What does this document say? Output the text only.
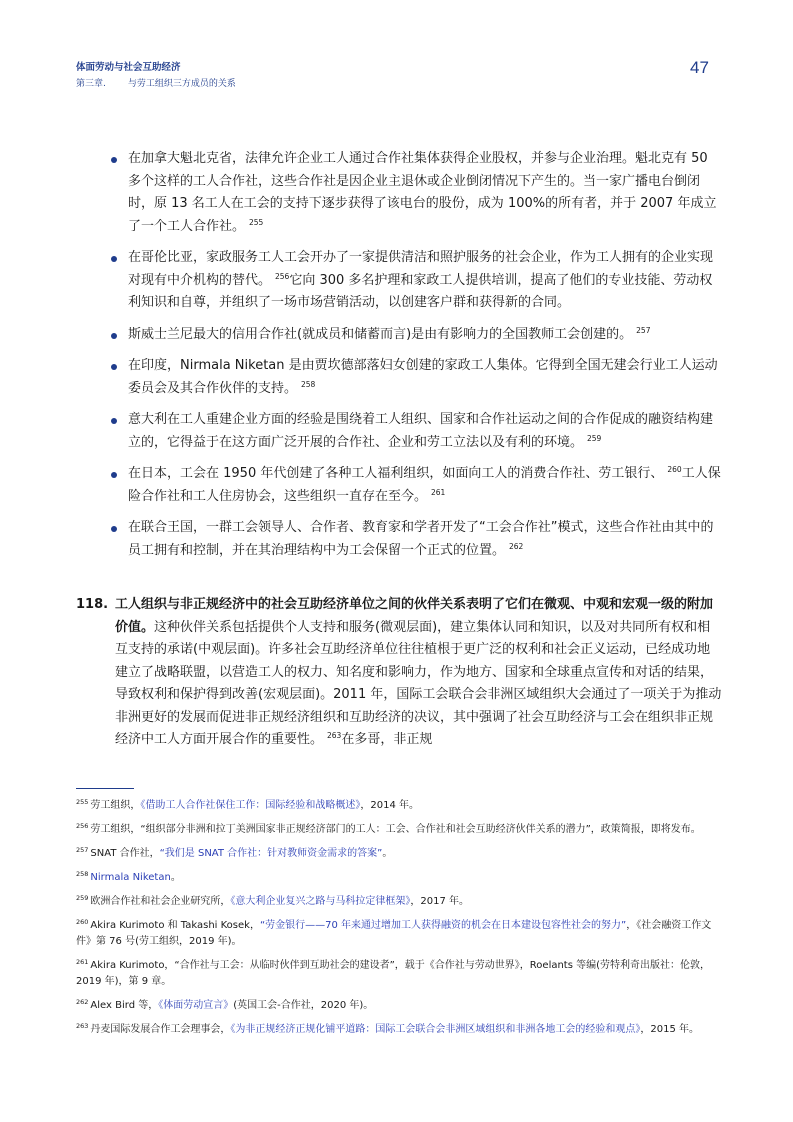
体面劳动与社会互助经济
第三章. 与劳工组织三方成员的关系
47
在加拿大魁北克省，法律允许企业工人通过合作社集体获得企业股权，并参与企业治理。魁北克有 50 多个这样的工人合作社，这些合作社是因企业主退休或企业倒闭情况下产生的。当一家广播电台倒闭时，原 13 名工人在工会的支持下逐步获得了该电台的股份，成为 100%的所有者，并于 2007 年成立了一个工人合作社。 $^{255}$
在哥伦比亚，家政服务工人工会开办了一家提供清洁和照护服务的社会企业，作为工人拥有的企业实现对现有中介机构的替代。 $^{256}$它向 300 多名护理和家政工人提供培训，提高了他们的专业技能、劳动权利知识和自尊，并组织了一场市场营销活动，以创建客户群和获得新的合同。
斯威士兰尼最大的信用合作社(就成员和储蓄而言)是由有影响力的全国教师工会创建的。 $^{257}$
在印度，Nirmala Niketan 是由贾坎德部落妇女创建的家政工人集体。它得到全国无建会行业工人运动委员会及其合作伙伴的支持。 $^{258}$
意大利在工人重建企业方面的经验是围绕着工人组织、国家和合作社运动之间的合作促成的融资结构建立的，它得益于在这方面广泛开展的合作社、企业和劳工立法以及有利的环境。 $^{259}$
在日本，工会在 1950 年代创建了各种工人福利组织，如面向工人的消费合作社、劳工银行、 $^{260}$工人保险合作社和工人住房协会，这些组织一直存在至今。 $^{261}$
在联合王国，一群工会领导人、合作者、教育家和学者开发了“工会合作社”模式，这些合作社由其中的员工拥有和控制，并在其治理结构中为工会保留一个正式的位置。 $^{262}$
118. 工人组织与非正规经济中的社会互助经济单位之间的伙伴关系表明了它们在微观、中观和宏观一级的附加价值。这种伙伴关系包括提供个人支持和服务(微观层面)，建立集体认同和知识，以及对共同所有权和相互支持的承诺(中观层面)。许多社会互助经济单位往往植根于更广泛的权利和社会正义运动，已经成功地建立了战略联盟，以营造工人的权力、知名度和影响力，作为地方、国家和全球重点宣传和对话的结果，导致权利和保护得到改善(宏观层面)。2011 年，国际工会联合会非洲区域组织大会通过了一项关于为推动非洲更好的发展而促进非正规经济组织和互助经济的决议，其中强调了社会互助经济与工会在组织非正规经济中工人方面开展合作的重要性。 $^{263}$在多哥，非正规
$^{255}$ 劳工组织，《借助工人合作社保住工作：国际经验和战略概述》，2014 年。
$^{256}$ 劳工组织，“组织部分非洲和拉丁美洲国家非正规经济部门的工人：工会、合作社和社会互助经济伙伴关系的潜力”，政策简报，即将发布。
$^{257}$ SNAT 合作社，“我们是 SNAT 合作社：针对教师资金需求的答案”。
$^{258}$ Nirmala Niketan。
$^{259}$ 欧洲合作社和社会企业研究所，《意大利企业复兴之路与马科拉定律框架》，2017 年。
$^{260}$ Akira Kurimoto 和 Takashi Kosek，“劳金银行——70 年来通过增加工人获得融资的机会在日本建设包容性社会的努力”，《社会融资工作文件》第 76 号(劳工组织，2019 年)。
$^{261}$ Akira Kurimoto，“合作社与工会：从临时伙伴到互助社会的建设者”，载于《合作社与劳动世界》，Roelants 等编(劳特利奇出版社：伦敦，2019 年)，第 9 章。
$^{262}$ Alex Bird 等，《体面劳动宣言》(英国工会-合作社，2020 年)。
$^{263}$ 丹麦国际发展合作工会理事会，《为非正规经济正规化铺平道路：国际工会联合会非洲区域组织和非洲各地工会的经验和观点》，2015 年。
